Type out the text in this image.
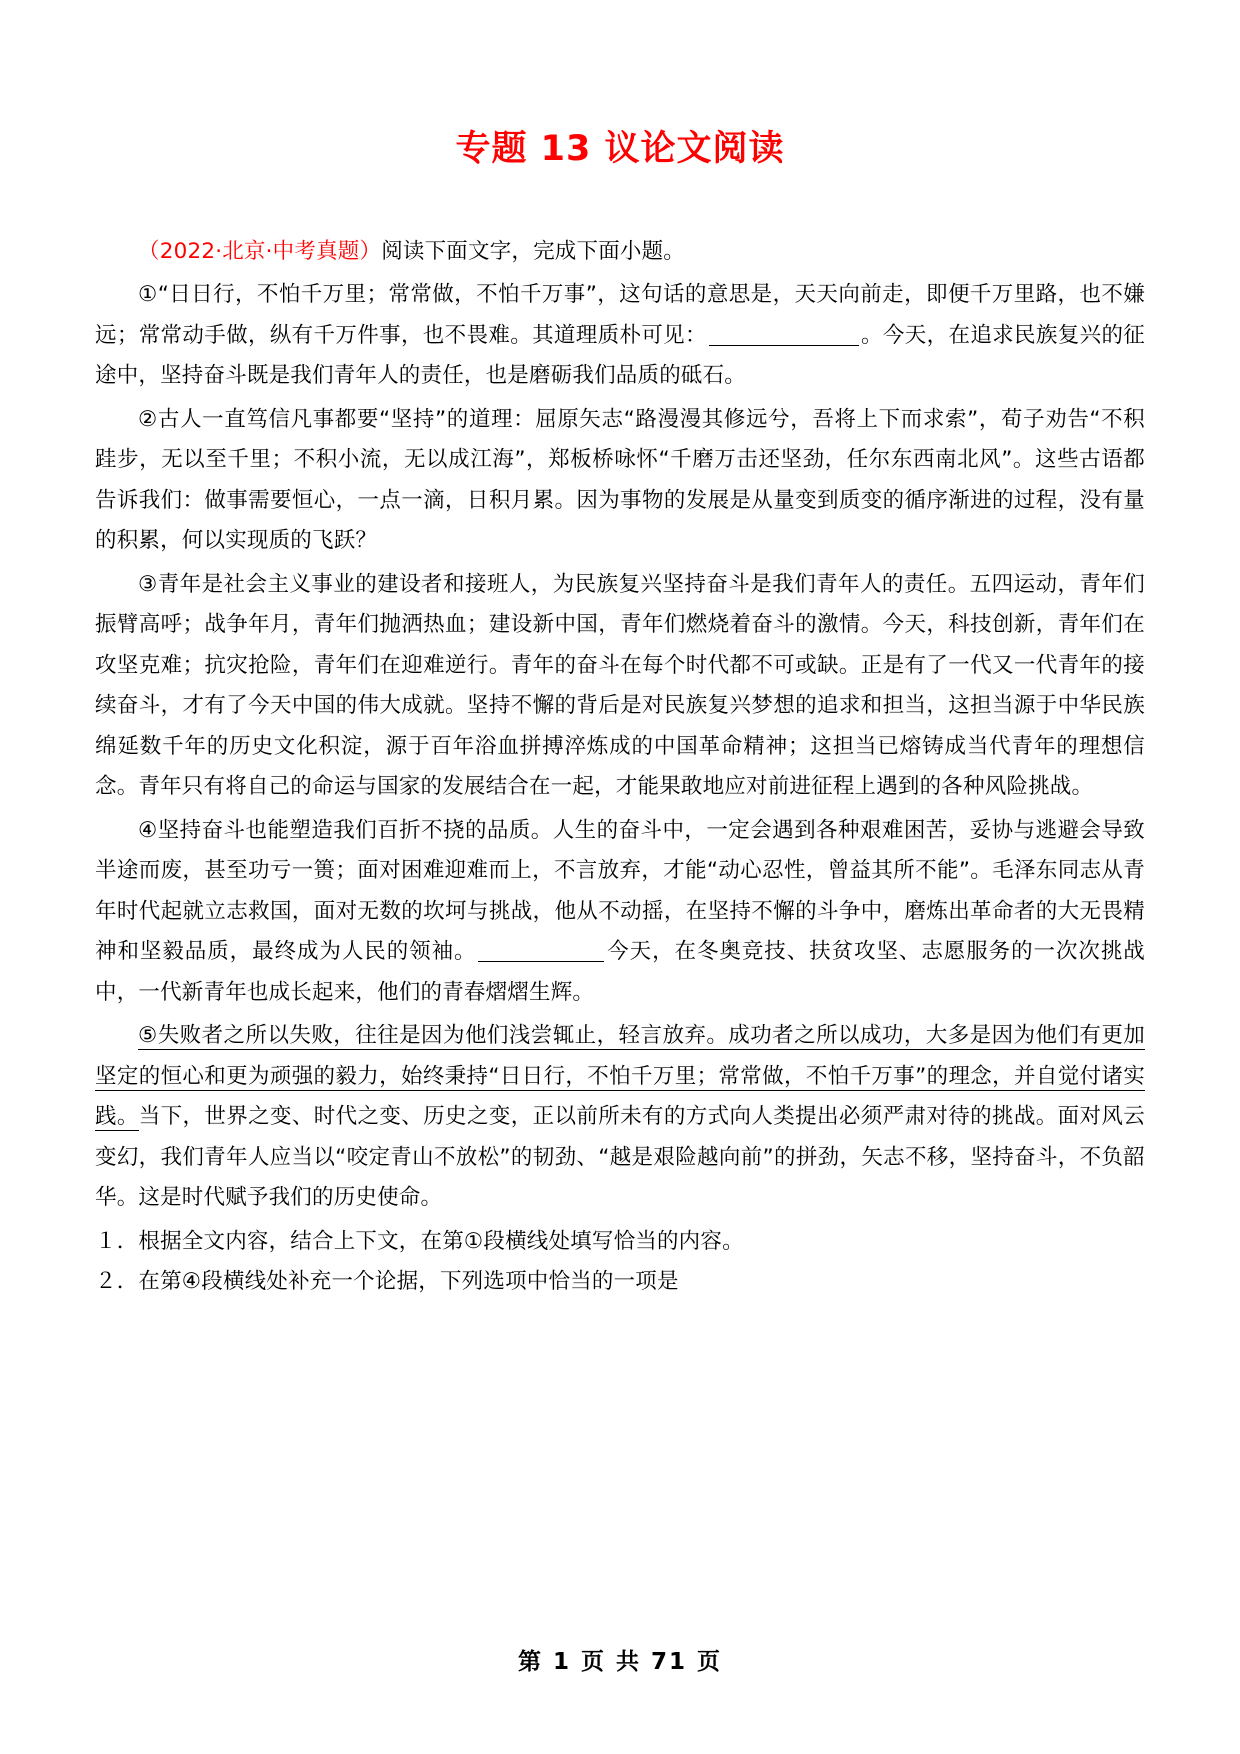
专题 13 议论文阅读

（2022·北京·中考真题）阅读下面文字，完成下面小题。

①“日日行，不怕千万里；常常做，不怕千万事”，这句话的意思是，天天向前走，即便千万里路，也不嫌远；常常动手做，纵有千万件事，也不畏难。其道理质朴可见：	。今天，在追求民族复兴的征途中，坚持奋斗既是我们青年人的责任，也是磨砺我们品质的砥石。

②古人一直笃信凡事都要“坚持”的道理：屈原矢志“路漫漫其修远兮，吾将上下而求索”，荀子劝告“不积跬步，无以至千里；不积小流，无以成江海”，郑板桥咏怀“千磨万击还坚劲，任尔东西南北风”。这些古语都告诉我们：做事需要恒心，一点一滴，日积月累。因为事物的发展是从量变到质变的循序渐进的过程，没有量的积累，何以实现质的飞跃？

③青年是社会主义事业的建设者和接班人，为民族复兴坚持奋斗是我们青年人的责任。五四运动，青年们振臂高呼；战争年月，青年们抛洒热血；建设新中国，青年们燃烧着奋斗的激情。今天，科技创新，青年们在攻坚克难；抗灾抢险，青年们在迎难逆行。青年的奋斗在每个时代都不可或缺。正是有了一代又一代青年的接续奋斗，才有了今天中国的伟大成就。坚持不懈的背后是对民族复兴梦想的追求和担当，这担当源于中华民族绵延数千年的历史文化积淀，源于百年浴血拼搏淬炼成的中国革命精神；这担当已熔铸成当代青年的理想信念。青年只有将自己的命运与国家的发展结合在一起，才能果敢地应对前进征程上遇到的各种风险挑战。

④坚持奋斗也能塑造我们百折不挠的品质。人生的奋斗中，一定会遇到各种艰难困苦，妥协与逃避会导致半途而废，甚至功亏一篑；面对困难迎难而上，不言放弃，才能“动心忍性，曾益其所不能”。毛泽东同志从青年时代起就立志救国，面对无数的坎坷与挑战，他从不动摇，在坚持不懈的斗争中，磨炼出革命者的大无畏精神和坚毅品质，最终成为人民的领袖。	今天，在冬奥竞技、扶贫攻坚、志愿服务的一次次挑战中，一代新青年也成长起来，他们的青春熠熠生辉。

⑤失败者之所以失败，往往是因为他们浅尝辄止，轻言放弃。成功者之所以成功，大多是因为他们有更加坚定的恒心和更为顽强的毅力，始终秉持“日日行，不怕千万里；常常做，不怕千万事”的理念，并自觉付诸实践。当下，世界之变、时代之变、历史之变，正以前所未有的方式向人类提出必须严肃对待的挑战。面对风云变幻，我们青年人应当以“咬定青山不放松”的韧劲、“越是艰险越向前”的拼劲，矢志不移，坚持奋斗，不负韶华。这是时代赋予我们的历史使命。

１．根据全文内容，结合上下文，在第①段横线处填写恰当的内容。

２．在第④段横线处补充一个论据，下列选项中恰当的一项是

第 1 页 共 71 页
